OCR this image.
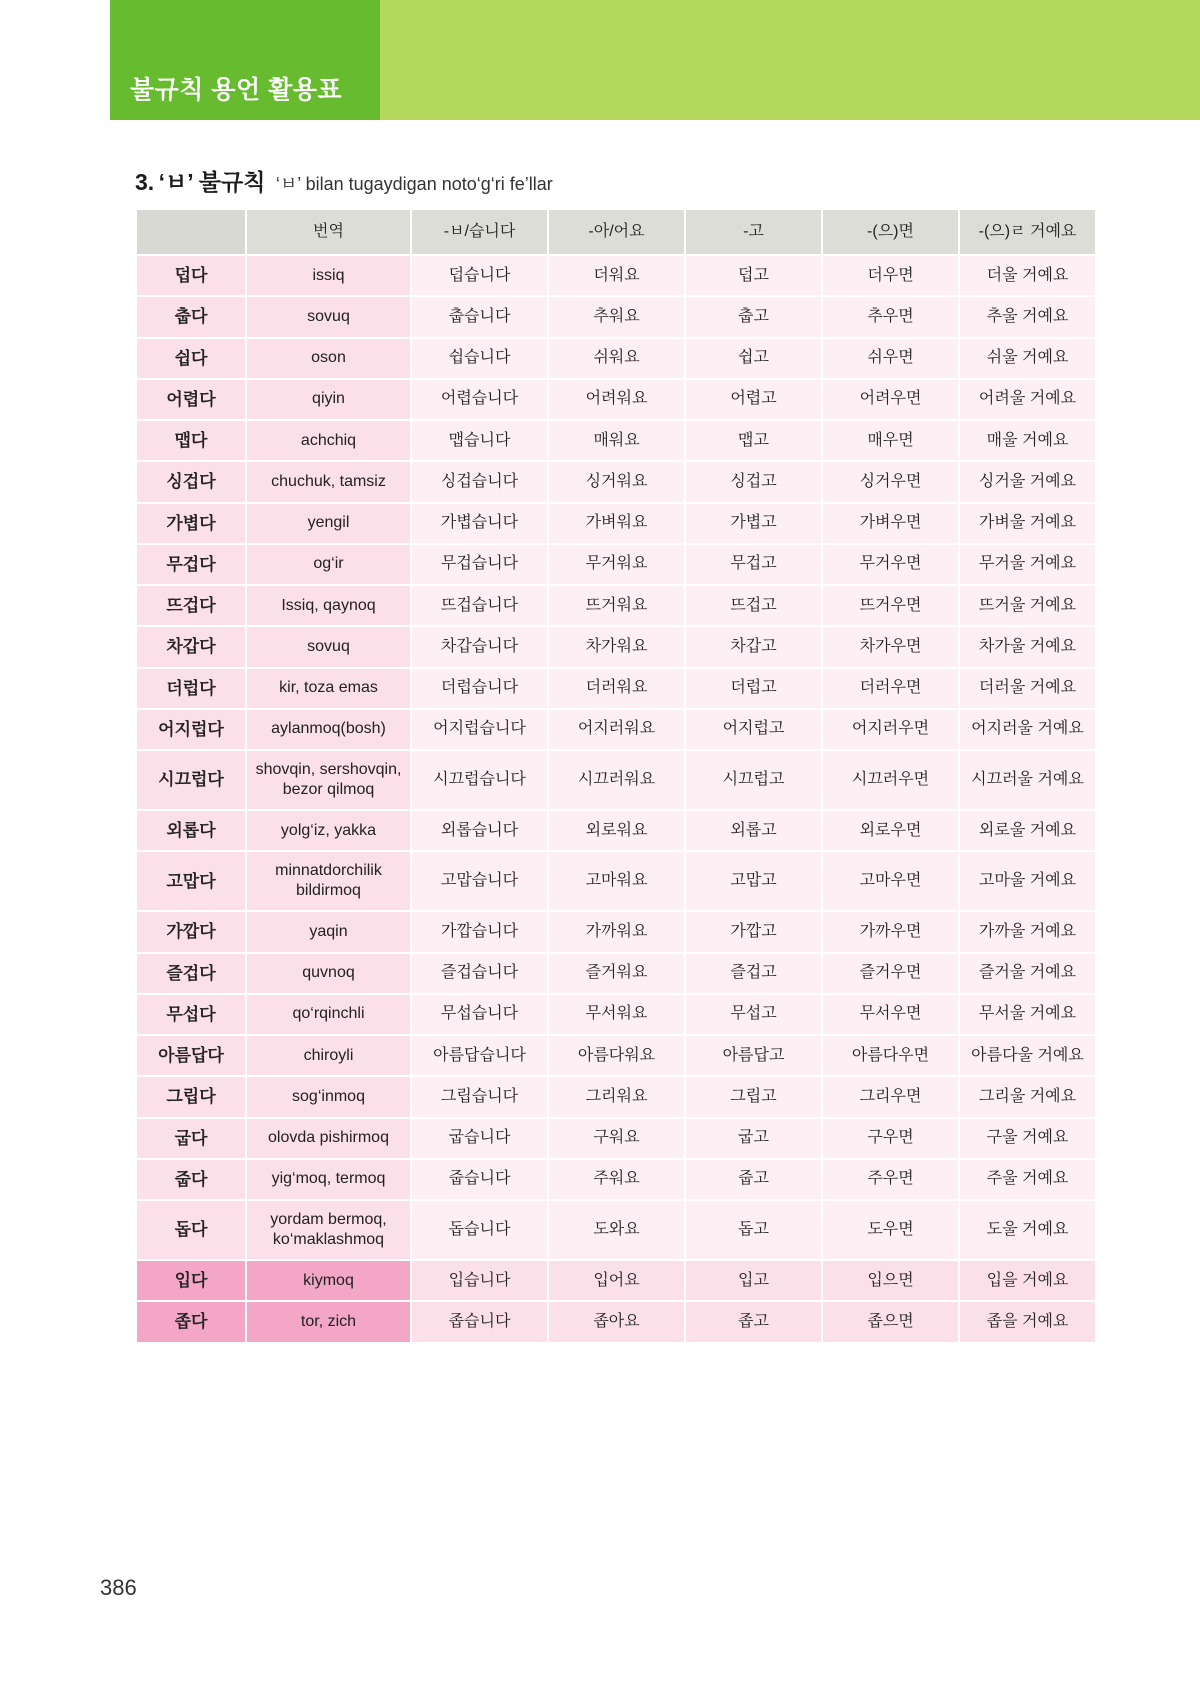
불규칙 용언 활용표
Noto‘g‘ri fellar jadvali
3. ‘ㅂ’ 불규칙 ‘ㅂ’ bilan tugaydigan noto‘g‘ri fe’llar
	번역	-ㅂ/습니다	-아/어요	-고	-(으)면	-(으)ㄹ 거예요
덥다	issiq	덥습니다	더워요	덥고	더우면	더울 거예요
춥다	sovuq	춥습니다	추워요	춥고	추우면	추울 거예요
쉽다	oson	쉽습니다	쉬워요	쉽고	쉬우면	쉬울 거예요
어렵다	qiyin	어렵습니다	어려워요	어렵고	어려우면	어려울 거예요
맵다	achchiq	맵습니다	매워요	맵고	매우면	매울 거예요
싱겁다	chuchuk, tamsiz	싱겁습니다	싱거워요	싱겁고	싱거우면	싱거울 거예요
가볍다	yengil	가볍습니다	가벼워요	가볍고	가벼우면	가벼울 거예요
무겁다	og‘ir	무겁습니다	무거워요	무겁고	무거우면	무거울 거예요
뜨겁다	Issiq, qaynoq	뜨겁습니다	뜨거워요	뜨겁고	뜨거우면	뜨거울 거예요
차갑다	sovuq	차갑습니다	차가워요	차갑고	차가우면	차가울 거예요
더럽다	kir, toza emas	더럽습니다	더러워요	더럽고	더러우면	더러울 거예요
어지럽다	aylanmoq(bosh)	어지럽습니다	어지러워요	어지럽고	어지러우면	어지러울 거예요
시끄럽다	shovqin, sershovqin, bezor qilmoq	시끄럽습니다	시끄러워요	시끄럽고	시끄러우면	시끄러울 거예요
외롭다	yolg‘iz, yakka	외롭습니다	외로워요	외롭고	외로우면	외로울 거예요
고맙다	minnatdorchilik bildirmoq	고맙습니다	고마워요	고맙고	고마우면	고마울 거예요
가깝다	yaqin	가깝습니다	가까워요	가깝고	가까우면	가까울 거예요
즐겁다	quvnoq	즐겁습니다	즐거워요	즐겁고	즐거우면	즐거울 거예요
무섭다	qo‘rqinchli	무섭습니다	무서워요	무섭고	무서우면	무서울 거예요
아름답다	chiroyli	아름답습니다	아름다워요	아름답고	아름다우면	아름다울 거예요
그립다	sog‘inmoq	그립습니다	그리워요	그립고	그리우면	그리울 거예요
굽다	olovda pishirmoq	굽습니다	구워요	굽고	구우면	구울 거예요
줍다	yig‘moq, termoq	줍습니다	주워요	줍고	주우면	주울 거예요
돕다	yordam bermoq, ko‘maklashmoq	돕습니다	도와요	돕고	도우면	도울 거예요
입다	kiymoq	입습니다	입어요	입고	입으면	입을 거예요
좁다	tor, zich	좁습니다	좁아요	좁고	좁으면	좁을 거예요
386
